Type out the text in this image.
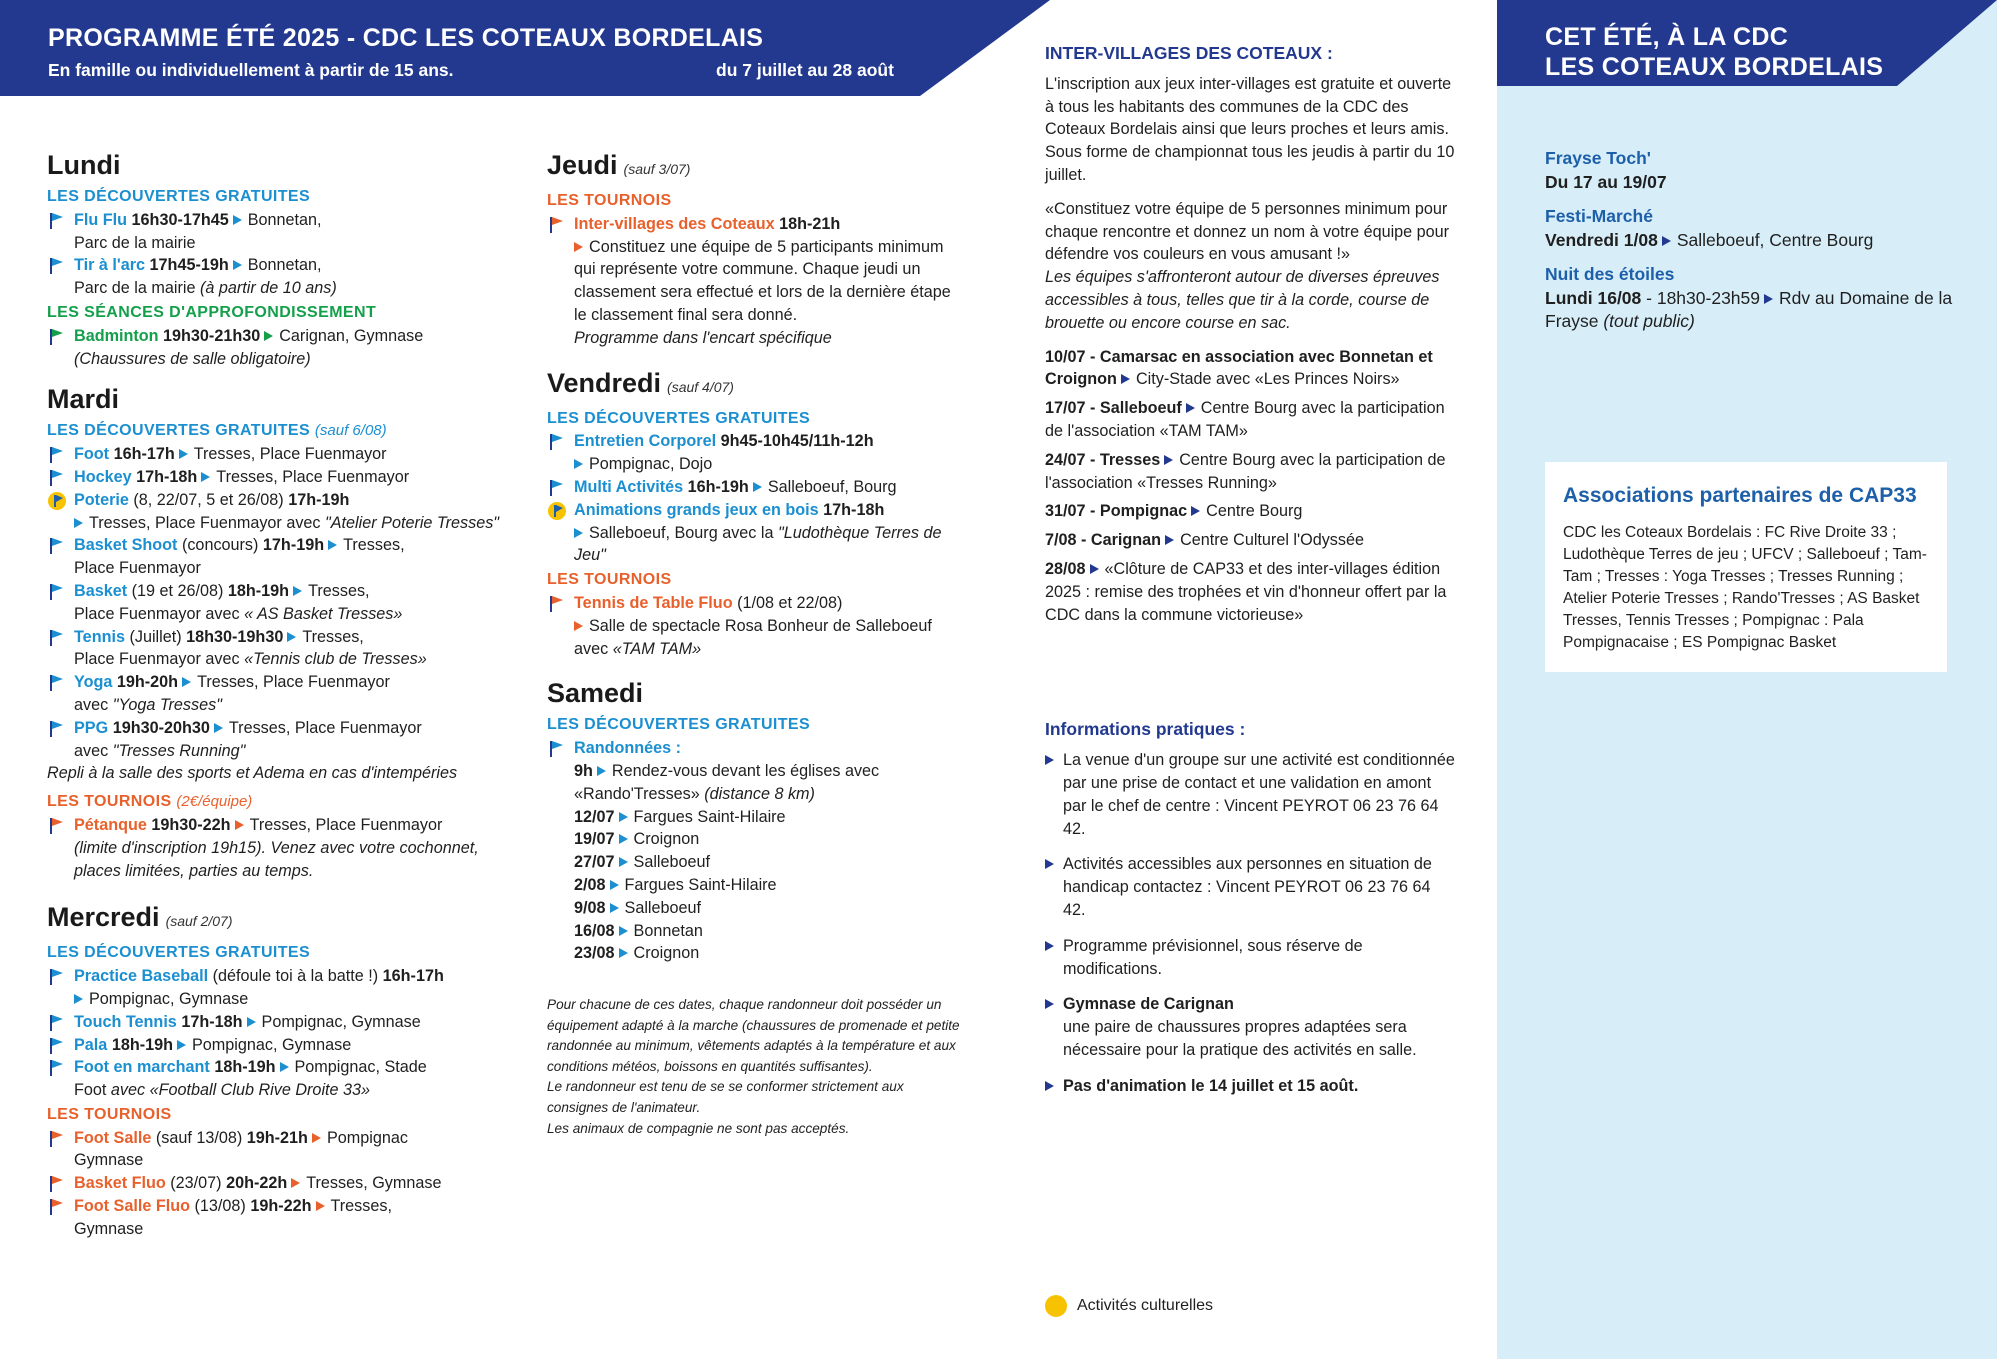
PROGRAMME ÉTÉ 2025 - CDC LES COTEAUX BORDELAIS
En famille ou individuellement à partir de 15 ans.	du 7 juillet au 28 août
Lundi
LES DÉCOUVERTES GRATUITES
Flu Flu 16h30-17h45 Bonnetan,
Parc de la mairie
Tir à l'arc 17h45-19h Bonnetan,
Parc de la mairie (à partir de 10 ans)
LES SÉANCES D'APPROFONDISSEMENT
Badminton 19h30-21h30 Carignan, Gymnase
(Chaussures de salle obligatoire)
Mardi
LES DÉCOUVERTES GRATUITES (sauf 6/08)
Foot 16h-17h Tresses, Place Fuenmayor
Hockey 17h-18h Tresses, Place Fuenmayor
Poterie (8, 22/07, 5 et 26/08) 17h-19h
Tresses, Place Fuenmayor avec "Atelier Poterie Tresses"
Basket Shoot (concours) 17h-19h Tresses,
Place Fuenmayor
Basket (19 et 26/08) 18h-19h Tresses,
Place Fuenmayor avec « AS Basket Tresses»
Tennis (Juillet) 18h30-19h30 Tresses,
Place Fuenmayor avec «Tennis club de Tresses»
Yoga 19h-20h Tresses, Place Fuenmayor
avec "Yoga Tresses"
PPG 19h30-20h30 Tresses, Place Fuenmayor
avec "Tresses Running"
Repli à la salle des sports et Adema en cas d'intempéries
LES TOURNOIS (2€/équipe)
Pétanque 19h30-22h Tresses, Place Fuenmayor
(limite d'inscription 19h15). Venez avec votre cochonnet, places limitées, parties au temps.
Mercredi (sauf 2/07)
LES DÉCOUVERTES GRATUITES
Practice Baseball (défoule toi à la batte !) 16h-17h
Pompignac, Gymnase
Touch Tennis 17h-18h Pompignac, Gymnase
Pala 18h-19h Pompignac, Gymnase
Foot en marchant 18h-19h Pompignac, Stade
Foot avec «Football Club Rive Droite 33»
LES TOURNOIS
Foot Salle (sauf 13/08) 19h-21h Pompignac
Gymnase
Basket Fluo (23/07) 20h-22h Tresses, Gymnase
Foot Salle Fluo (13/08) 19h-22h Tresses,
Gymnase
Jeudi (sauf 3/07)
LES TOURNOIS
Inter-villages des Coteaux 18h-21h
Constituez une équipe de 5 participants minimum qui représente votre commune. Chaque jeudi un classement sera effectué et lors de la dernière étape le classement final sera donné.
Programme dans l'encart spécifique
Vendredi (sauf 4/07)
LES DÉCOUVERTES GRATUITES
Entretien Corporel 9h45-10h45/11h-12h
Pompignac, Dojo
Multi Activités 16h-19h Salleboeuf, Bourg
Animations grands jeux en bois 17h-18h
Salleboeuf, Bourg avec la "Ludothèque Terres de Jeu"
LES TOURNOIS
Tennis de Table Fluo (1/08 et 22/08)
Salle de spectacle Rosa Bonheur de Salleboeuf
avec «TAM TAM»
Samedi
LES DÉCOUVERTES GRATUITES
Randonnées :
9h Rendez-vous devant les églises avec
«Rando'Tresses» (distance 8 km)
12/07 Fargues Saint-Hilaire
19/07 Croignon
27/07 Salleboeuf
2/08 Fargues Saint-Hilaire
9/08 Salleboeuf
16/08 Bonnetan
23/08 Croignon
Pour chacune de ces dates, chaque randonneur doit posséder un équipement adapté à la marche (chaussures de promenade et petite randonnée au minimum, vêtements adaptés à la température et aux conditions météos, boissons en quantités suffisantes).
Le randonneur est tenu de se se conformer strictement aux consignes de l'animateur.
Les animaux de compagnie ne sont pas acceptés.
INTER-VILLAGES DES COTEAUX :
L'inscription aux jeux inter-villages est gratuite et ouverte à tous les habitants des communes de la CDC des Coteaux Bordelais ainsi que leurs proches et leurs amis. Sous forme de championnat tous les jeudis à partir du 10 juillet.
«Constituez votre équipe de 5 personnes minimum pour chaque rencontre et donnez un nom à votre équipe pour défendre vos couleurs en vous amusant !»
Les équipes s'affronteront autour de diverses épreuves accessibles à tous, telles que tir à la corde, course de brouette ou encore course en sac.
10/07 - Camarsac en association avec Bonnetan et Croignon City-Stade avec «Les Princes Noirs»
17/07 - Salleboeuf Centre Bourg avec la participation de l'association «TAM TAM»
24/07 - Tresses Centre Bourg avec la participation de l'association «Tresses Running»
31/07 - Pompignac Centre Bourg
7/08 - Carignan Centre Culturel l'Odyssée
28/08 «Clôture de CAP33 et des inter-villages édition 2025 : remise des trophées et vin d'honneur offert par la CDC dans la commune victorieuse»
Informations pratiques :
La venue d'un groupe sur une activité est conditionnée par une prise de contact et une validation en amont par le chef de centre : Vincent PEYROT 06 23 76 64 42.
Activités accessibles aux personnes en situation de handicap contactez : Vincent PEYROT 06 23 76 64 42.
Programme prévisionnel, sous réserve de modifications.
Gymnase de Carignan
une paire de chaussures propres adaptées sera nécessaire pour la pratique des activités en salle.
Pas d'animation le 14 juillet et 15 août.
Activités culturelles
CET ÉTÉ, À LA CDC
LES COTEAUX BORDELAIS
Frayse Toch'
Du 17 au 19/07
Festi-Marché
Vendredi 1/08 Salleboeuf, Centre Bourg
Nuit des étoiles
Lundi 16/08 - 18h30-23h59 Rdv au Domaine de la Frayse (tout public)
Associations partenaires de CAP33
CDC les Coteaux Bordelais : FC Rive Droite 33 ; Ludothèque Terres de jeu ; UFCV ; Salleboeuf ; Tam-Tam ; Tresses : Yoga Tresses ; Tresses Running ; Atelier Poterie Tresses ; Rando'Tresses ; AS Basket Tresses, Tennis Tresses ; Pompignac : Pala Pompignacaise ; ES Pompignac Basket
